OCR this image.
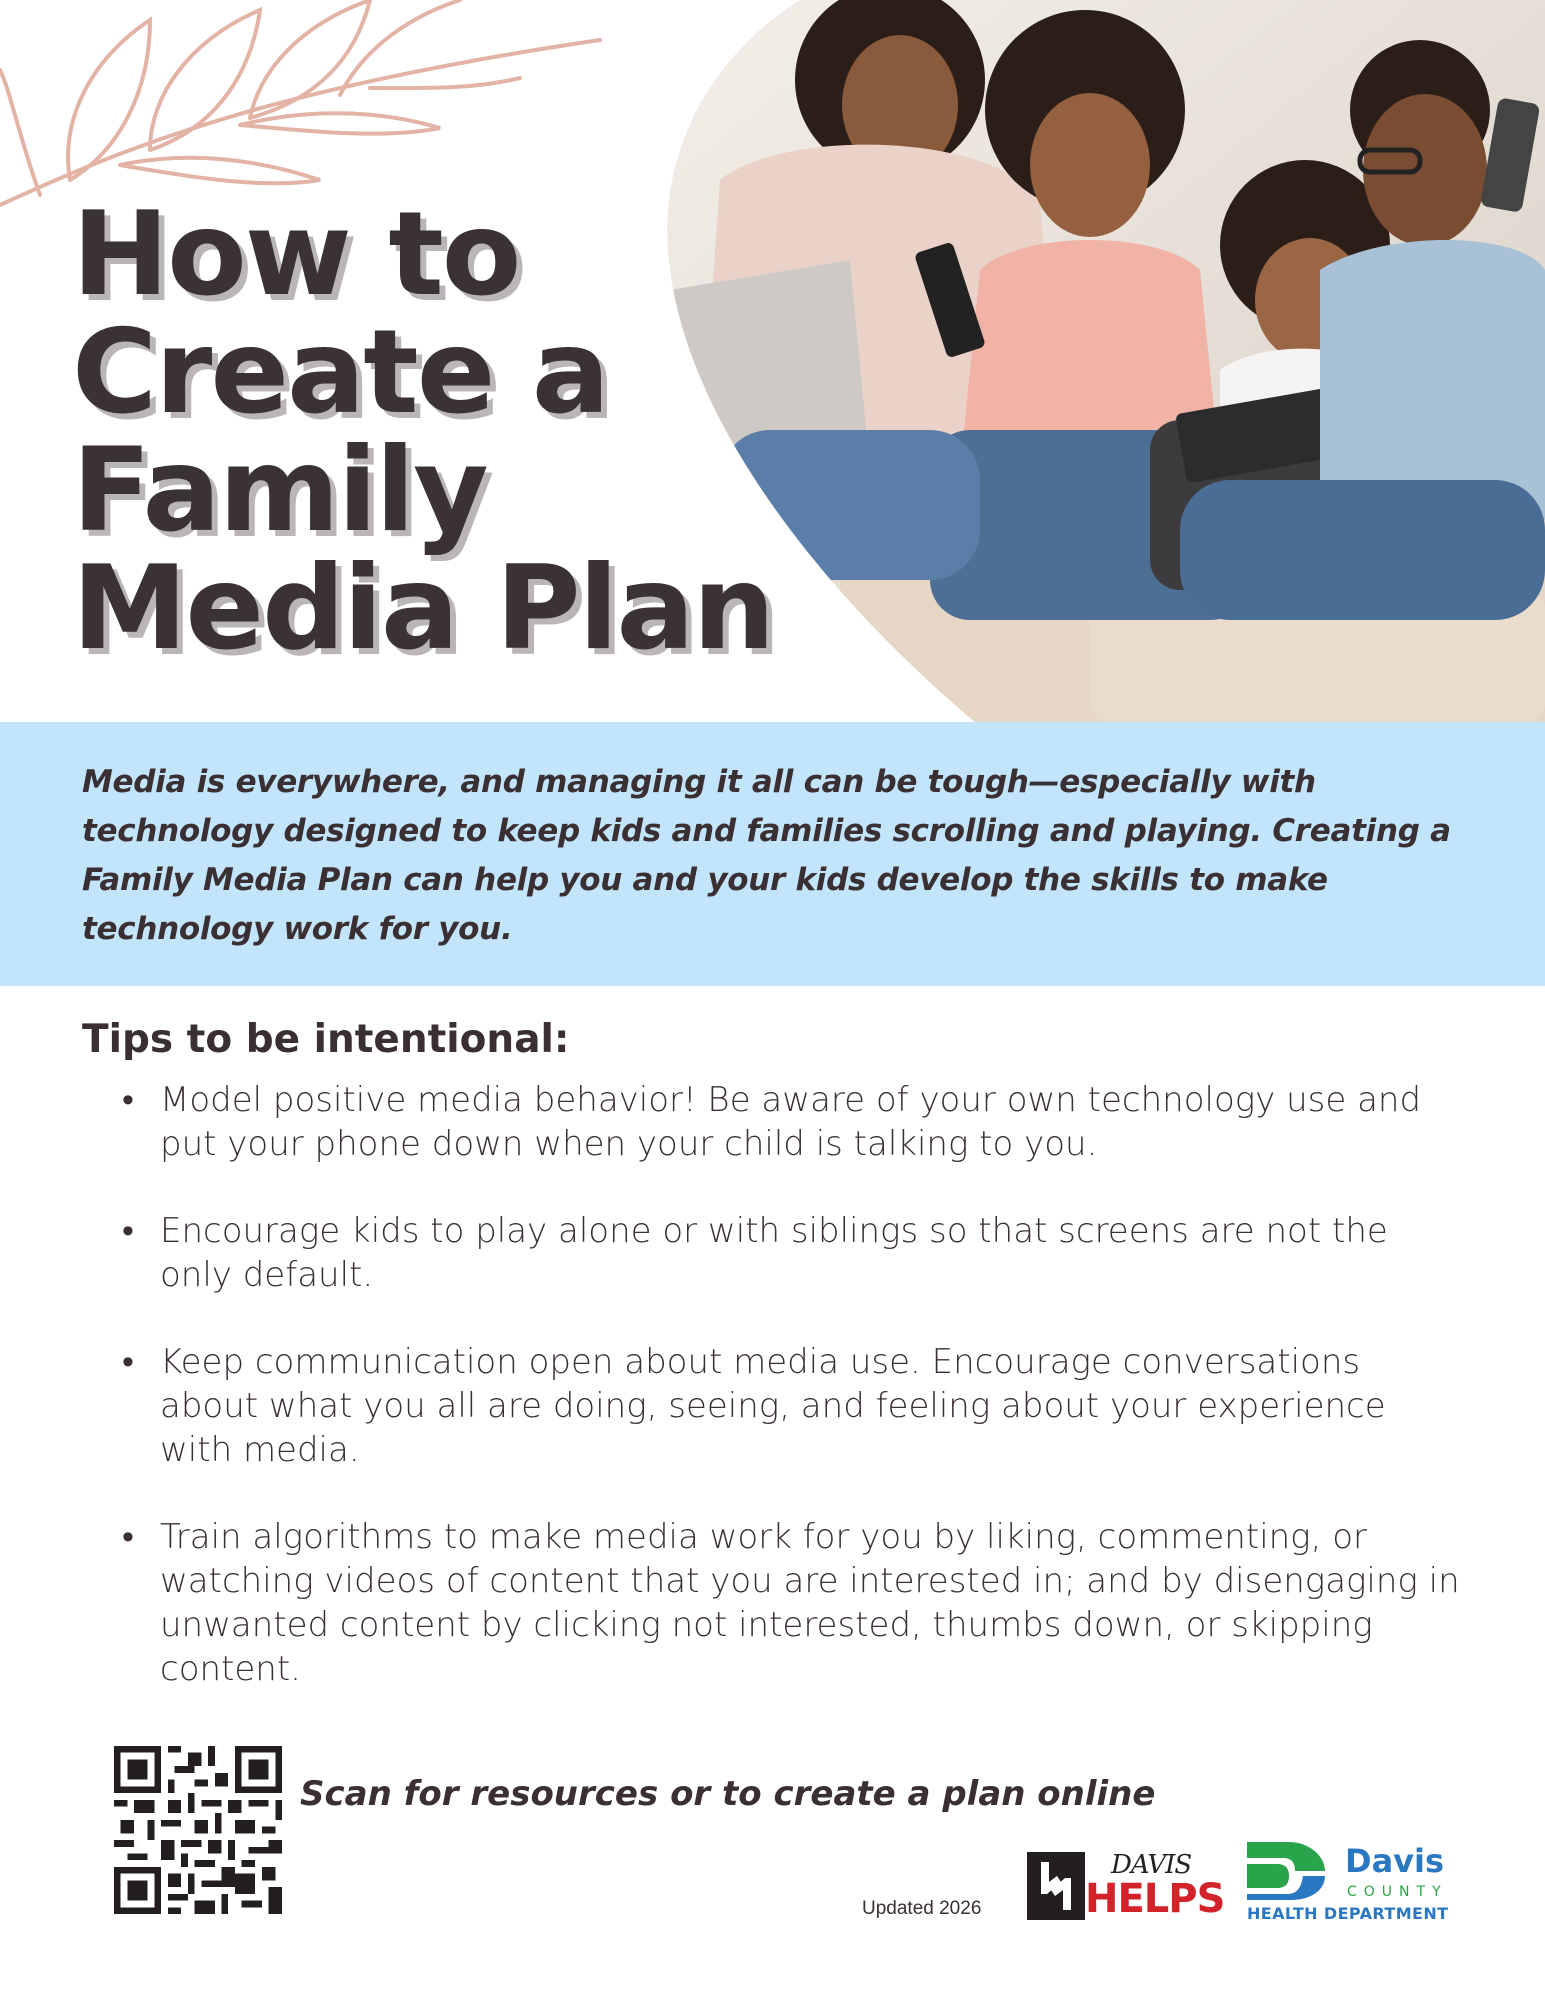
How to
Create a
Family
Media Plan

Media is everywhere, and managing it all can be tough—especially with technology designed to keep kids and families scrolling and playing. Creating a Family Media Plan can help you and your kids develop the skills to make technology work for you.

Tips to be intentional:
• Model positive media behavior! Be aware of your own technology use and put your phone down when your child is talking to you.
• Encourage kids to play alone or with siblings so that screens are not the only default.
• Keep communication open about media use. Encourage conversations about what you all are doing, seeing, and feeling about your experience with media.
• Train algorithms to make media work for you by liking, commenting, or watching videos of content that you are interested in; and by disengaging in unwanted content by clicking not interested, thumbs down, or skipping content.

Scan for resources or to create a plan online

Updated 2026
DAVIS
HELPS
Davis
COUNTY
HEALTH DEPARTMENT
